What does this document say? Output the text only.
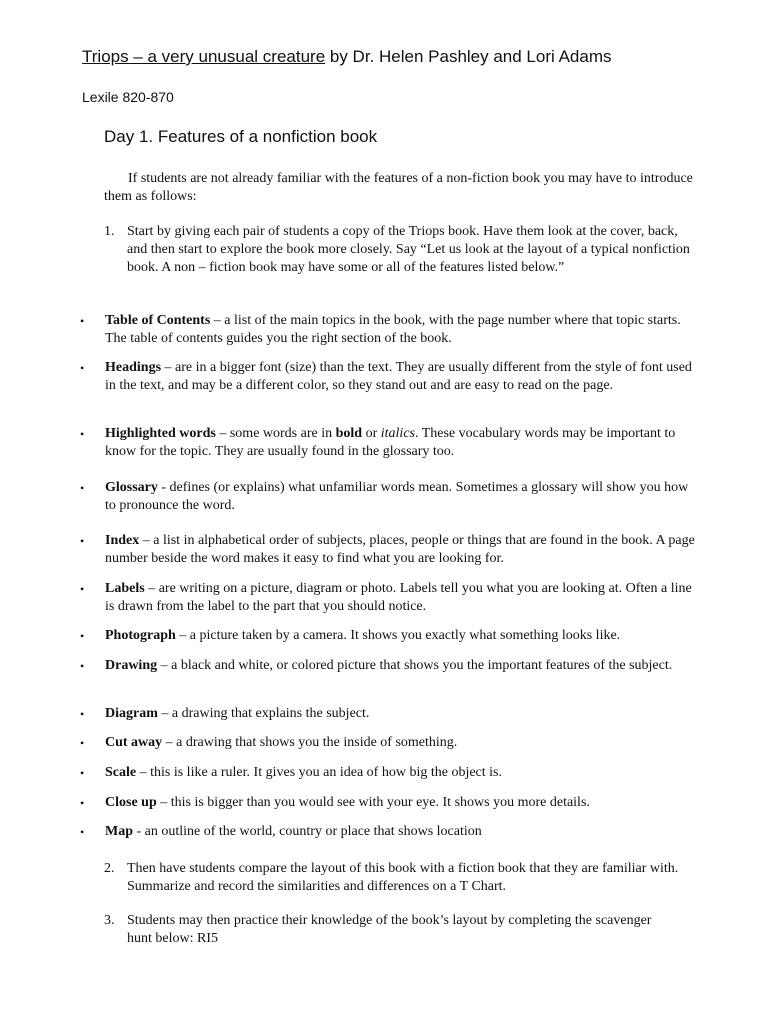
Triops – a very unusual creature by Dr. Helen Pashley and Lori Adams
Lexile 820-870
Day 1. Features of a nonfiction book
If students are not already familiar with the features of a non-fiction book you may have to introduce them as follows:
1. Start by giving each pair of students a copy of the Triops book. Have them look at the cover, back, and then start to explore the book more closely. Say “Let us look at the layout of a typical nonfiction book. A non – fiction book may have some or all of the features listed below.”
• Table of Contents – a list of the main topics in the book, with the page number where that topic starts. The table of contents guides you the right section of the book.
• Headings – are in a bigger font (size) than the text. They are usually different from the style of font used in the text, and may be a different color, so they stand out and are easy to read on the page.
• Highlighted words – some words are in bold or italics. These vocabulary words may be important to know for the topic. They are usually found in the glossary too.
• Glossary - defines (or explains) what unfamiliar words mean. Sometimes a glossary will show you how to pronounce the word.
• Index – a list in alphabetical order of subjects, places, people or things that are found in the book. A page number beside the word makes it easy to find what you are looking for.
• Labels – are writing on a picture, diagram or photo. Labels tell you what you are looking at. Often a line is drawn from the label to the part that you should notice.
• Photograph – a picture taken by a camera. It shows you exactly what something looks like.
• Drawing – a black and white, or colored picture that shows you the important features of the subject.
• Diagram – a drawing that explains the subject.
• Cut away – a drawing that shows you the inside of something.
• Scale – this is like a ruler. It gives you an idea of how big the object is.
• Close up – this is bigger than you would see with your eye. It shows you more details.
• Map - an outline of the world, country or place that shows location
2. Then have students compare the layout of this book with a fiction book that they are familiar with. Summarize and record the similarities and differences on a T Chart.
3. Students may then practice their knowledge of the book’s layout by completing the scavenger hunt below: RI5
